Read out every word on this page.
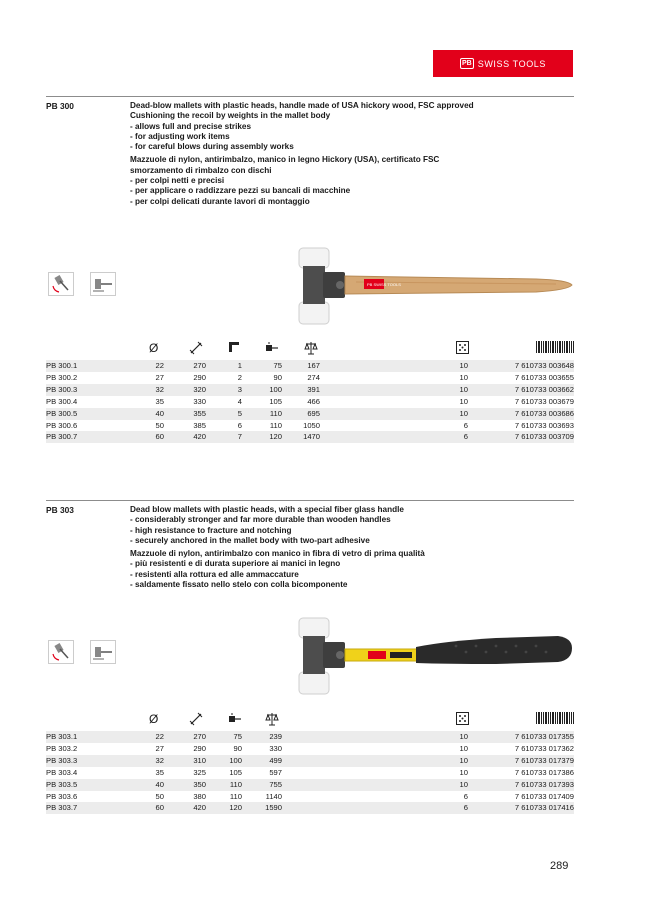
PB SWISS TOOLS
PB 300	Dead-blow mallets with plastic heads, handle made of USA hickory wood, FSC approved
Cushioning the recoil by weights in the mallet body
- allows full and precise strikes
- for adjusting work items
- for careful blows during assembly works
Mazzuole di nylon, antirimbalzo, manico in legno Hickory (USA), certificato FSC
smorzamento di rimbalzo con dischi
- per colpi netti e precisi
- per applicare o raddizzare pezzi su bancali di macchine
- per colpi delicati durante lavori di montaggio
PB SWISS TOOLS
Ø
PB 300.1	22	270	1	75	167	10	7 610733 003648
PB 300.2	27	290	2	90	274	10	7 610733 003655
PB 300.3	32	320	3	100	391	10	7 610733 003662
PB 300.4	35	330	4	105	466	10	7 610733 003679
PB 300.5	40	355	5	110	695	10	7 610733 003686
PB 300.6	50	385	6	110	1050	6	7 610733 003693
PB 300.7	60	420	7	120	1470	6	7 610733 003709
PB 303	Dead blow mallets with plastic heads, with a special fiber glass handle
- considerably stronger and far more durable than wooden handles
- high resistance to fracture and notching
- securely anchored in the mallet body with two-part adhesive
Mazzuole di nylon, antirimbalzo con manico in fibra di vetro di prima qualità
- più resistenti e di durata superiore ai manici in legno
- resistenti alla rottura ed alle ammaccature
- saldamente fissato nello stelo con colla bicomponente
Ø
PB 303.1	22	270	75	239	10	7 610733 017355
PB 303.2	27	290	90	330	10	7 610733 017362
PB 303.3	32	310	100	499	10	7 610733 017379
PB 303.4	35	325	105	597	10	7 610733 017386
PB 303.5	40	350	110	755	10	7 610733 017393
PB 303.6	50	380	110	1140	6	7 610733 017409
PB 303.7	60	420	120	1590	6	7 610733 017416
289
